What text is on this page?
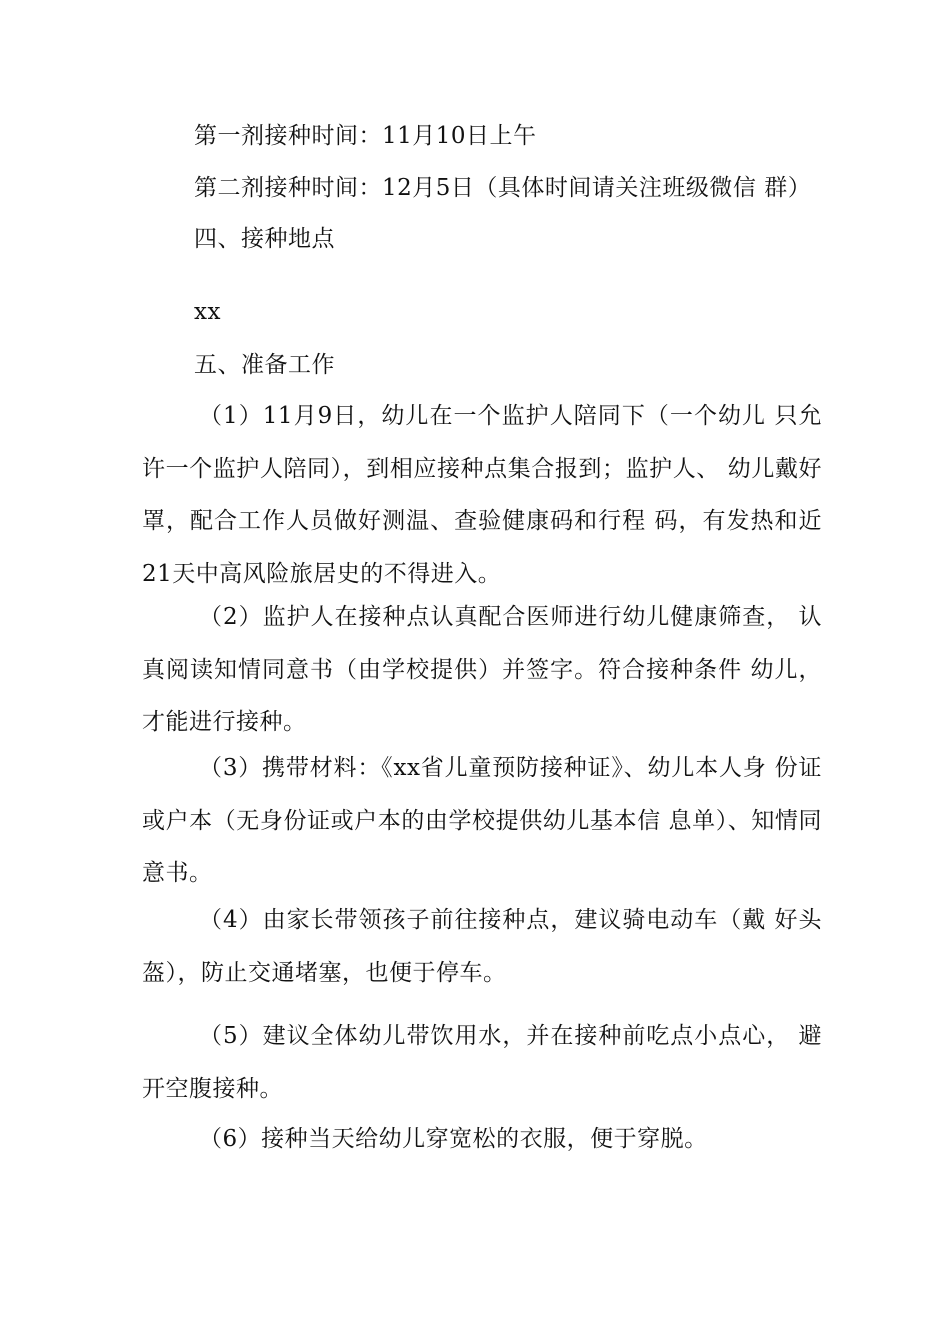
第一剂接种时间：11月10日上午
第二剂接种时间：12月5日（具体时间请关注班级微信 群）
四、接种地点
xx
五、准备工作

（1）11月9日，幼儿在一个监护人陪同下（一个幼儿 只允许一个监护人陪同），到相应接种点集合报到；监护人、 幼儿戴好罩，配合工作人员做好测温、查验健康码和行程 码，有发热和近21天中高风险旅居史的不得进入。

（2）监护人在接种点认真配合医师进行幼儿健康筛查， 认真阅读知情同意书（由学校提供）并签字。符合接种条件 幼儿，才能进行接种。

（3）携带材料：《xx省儿童预防接种证》、幼儿本人身 份证或户本（无身份证或户本的由学校提供幼儿基本信 息单）、知情同意书。

（4）由家长带领孩子前往接种点，建议骑电动车（戴 好头盔），防止交通堵塞，也便于停车。

（5）建议全体幼儿带饮用水，并在接种前吃点小点心， 避开空腹接种。

（6）接种当天给幼儿穿宽松的衣服，便于穿脱。
